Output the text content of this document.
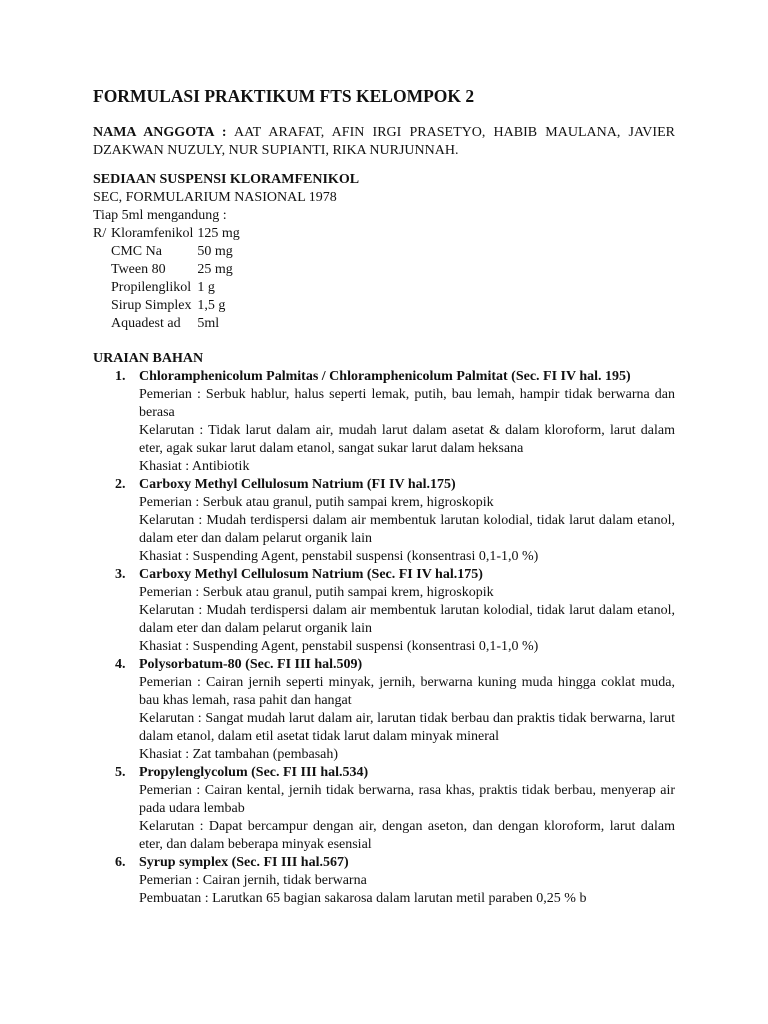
FORMULASI PRAKTIKUM FTS KELOMPOK 2

NAMA ANGGOTA : AAT ARAFAT, AFIN IRGI PRASETYO, HABIB MAULANA, JAVIER DZAKWAN NUZULY, NUR SUPIANTI, RIKA NURJUNNAH.

SEDIAAN SUSPENSI KLORAMFENIKOL

SEC, FORMULARIUM NASIONAL 1978

Tiap 5ml mengandung :

R/	Kloramfenikol	125 mg
	CMC Na	50 mg
	Tween 80	25 mg
	Propilenglikol	1 g
	Sirup Simplex	1,5 g
	Aquadest ad	5ml

URAIAN BAHAN

1. Chloramphenicolum Palmitas / Chloramphenicolum Palmitat (Sec. FI IV hal. 195)
Pemerian : Serbuk hablur, halus seperti lemak, putih, bau lemah, hampir tidak berwarna dan berasa
Kelarutan : Tidak larut dalam air, mudah larut dalam asetat & dalam kloroform, larut dalam eter, agak sukar larut dalam etanol, sangat sukar larut dalam heksana
Khasiat : Antibiotik
2. Carboxy Methyl Cellulosum Natrium (FI IV hal.175)
Pemerian : Serbuk atau granul, putih sampai krem, higroskopik
Kelarutan : Mudah terdispersi dalam air membentuk larutan kolodial, tidak larut dalam etanol, dalam eter dan dalam pelarut organik lain
Khasiat : Suspending Agent, penstabil suspensi (konsentrasi 0,1-1,0 %)
3. Carboxy Methyl Cellulosum Natrium (Sec. FI IV hal.175)
Pemerian : Serbuk atau granul, putih sampai krem, higroskopik
Kelarutan : Mudah terdispersi dalam air membentuk larutan kolodial, tidak larut dalam etanol, dalam eter dan dalam pelarut organik lain
Khasiat : Suspending Agent, penstabil suspensi (konsentrasi 0,1-1,0 %)
4. Polysorbatum-80 (Sec. FI III hal.509)
Pemerian : Cairan jernih seperti minyak, jernih, berwarna kuning muda hingga coklat muda, bau khas lemah, rasa pahit dan hangat
Kelarutan : Sangat mudah larut dalam air, larutan tidak berbau dan praktis tidak berwarna, larut dalam etanol, dalam etil asetat tidak larut dalam minyak mineral
Khasiat : Zat tambahan (pembasah)
5. Propylenglycolum (Sec. FI III hal.534)
Pemerian : Cairan kental, jernih tidak berwarna, rasa khas, praktis tidak berbau, menyerap air pada udara lembab
Kelarutan : Dapat bercampur dengan air, dengan aseton, dan dengan kloroform, larut dalam eter, dan dalam beberapa minyak esensial
6. Syrup symplex (Sec. FI III hal.567)
Pemerian : Cairan jernih, tidak berwarna
Pembuatan : Larutkan 65 bagian sakarosa dalam larutan metil paraben 0,25 % b
